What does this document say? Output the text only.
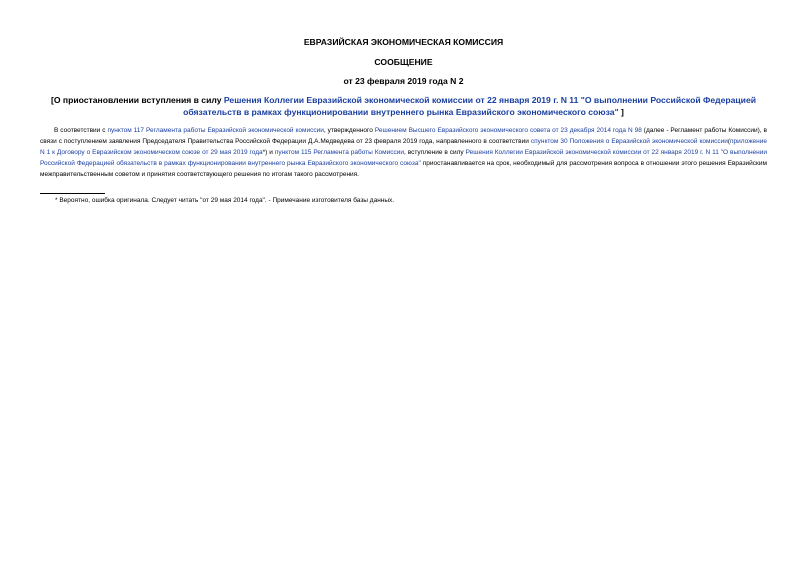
ЕВРАЗИЙСКАЯ ЭКОНОМИЧЕСКАЯ КОМИССИЯ
СООБЩЕНИЕ
от 23 февраля 2019 года N 2
[О приостановлении вступления в силу Решения Коллегии Евразийской экономической комиссии от 22 января 2019 г. N 11 "О выполнении Российской Федерацией обязательств в рамках функционировании внутреннего рынка Евразийского экономического союза" ]

В соответствии с пунктом 117 Регламента работы Евразийской экономической комиссии, утвержденного Решением Высшего Евразийского экономического совета от 23 декабря 2014 года N 98 (далее - Регламент работы Комиссии), в связи с поступлением заявления Председателя Правительства Российской Федерации Д.А.Медведева от 23 февраля 2019 года, направленного в соответствии спунктом 30 Положения о Евразийской экономической комиссии(приложение N 1 к Договору о Евразийском экономическом союзе от 29 мая 2019 года*) и пунктом 115 Регламента работы Комиссии, вступление в силу Решения Коллегии Евразийской экономической комиссии от 22 января 2019 г. N 11 "О выполнении Российской Федерацией обязательств в рамках функционировании внутреннего рынка Евразийского экономического союза" приостанавливается на срок, необходимый для рассмотрения вопроса в отношении этого решения Евразийским межправительственным советом и принятия соответствующего решения по итогам такого рассмотрения.

* Вероятно, ошибка оригинала. Следует читать "от 29 мая 2014 года". - Примечание изготовителя базы данных.
